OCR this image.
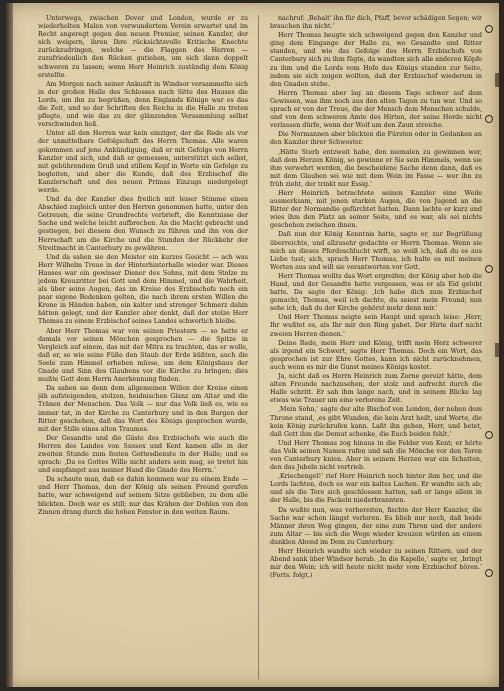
Unterwegs, zwischen Dover und London, wurde er zu wiederholten Malen von verwundertem Verein erwartet und im Recht angeregt gegen den neuen Premier, seinen Kanzler, der sich weigern, ihren Ihre rücksichtsvolle Kritische Knechte zurückzudringen, welche — die Flaggen des Herren — zuzufriedenlich den Rücken gutiehen, um sich dann doppelt schweren zu lassen; wenn Herr Heinrich zuständig dem König erstellte.

Am Morgen nach seiner Ankunft in Windsor versammelte sich in der großen Halle des Schlosses nach Sitte des Hauses die Lords, um ihn zu begrüßen, denn Englands Könige war es das die Zeit, und so der Schriften des Reichs in die Halle zu treten pflegte, und wie das zu der glänzenden Versammlung selbst verschwinden ließ.

Unter all den Herren war kein einziger, der die Rede als vor der unmittelbare Gefolgschaft des Herrn Thomas. Alle waren gekommen auf jene Ankündigung, daß er mit Gefolge von Herrn Kanzler und sich, und daß er gemessen, unterstützt sich selbst, mit gebührendem Gruß und stillem Kopf in Worte ein Gefolge zu begleiten, und aber die Kunde, daß des Erzbischof die Kanzlerschaft und des neuen Primas Einzugs niedergelegt werde.

Und da der Kanzler dies freilich mit leiser Stimme einen Abschied zugleich unter den Herren genommen hatte, unter den Getreuen, die seine Grundrechte verbrieft, die Kenntnisse der Sache und welche leicht aufbrechen. An die Macht gebracht und gestiegen, bei diesem den Wunsch zu führen und ihn von der Herrschaft um die Kirche und die Stunden der Rückkehr der Streitmacht in Canterbury zu gewähren.

Und da sahen sie den Meister ein kurzes Gesicht — ach was Herr Wilhelm Treue in der Hinterhinterhalle wieder war. Dieses Hauses war ein gewisser Diener des Sohns, mit dem Stolze zu jedem Kreuzritter bei Gott und dem Himmel, und die Wahrheit, als über seine Augen, das im Kreise des Erzbischofs noch ein paar eigene Bedenken gelten, die nach ihrem ersten Willen die Krone in Händen haben, ein kalter und strenger Schmerz dahin hätten gelegt, und der Kanzler aber denkt, daß der stolze Herr Thomas zu einem Erzbischof seines Landes schwerlich bleibe.

Aber Herr Thomas war von seinen Priestern — so hatte er damals vor seinen Mönchen gesprochen — die Spitze in Vergleich auf einem, das mit der Mitra zu trachten, das er wolle, daß er, so wie seine Füße den Staub der Erde küßten, auch die Seele zum Himmel erheben müsse, um dem Königshaus der Gnade und Sinn des Glaubens vor die Kirche zu bringen; dies mußte Gott dem Herrn Anerkennung finden.

Da sahen sie denn dem allgemeinen Willen der Kreise einen jäh aufsteigenden, stolzen, heidnischen Glanz am Altar und die Tränen der Menschen. Das Volk — nur das Volk ließ es, wie es immer tat, in der Kirche zu Canterbury und in den Burgen der Ritter geschehen, daß das Wort des Königs gesprochen wurde, mit der Stille eines alten Traumes.

Der Gesandte und die Gäste des Erzbischofs wie auch die Herren des Landes von Sussex und Kent kamen alle in der zweiten Stunde zum festen Gottesdienste in der Halle; und es sprach: ‚Da es Gottes Wille nicht anders sein mag, so tretet hin und empfanget aus meiner Hand die Gnade des Herrn.‘

Da schaute man, daß es dahin kommen war zu einem Ende — und Herr Thomas, den der König als seinen Freund gerufen hatte, war schweigend auf seinem Sitze geblieben, zu dem alle blickten. Doch war es still; nur das Krähen der Dohlen von den Zinnen drang durch die hohen Fenster in den weiten Raum.

nachruf: ‚Behalt' ihn für dich, Pfaff, bevor schädigen Segen; wir brauchen ihn nicht.‘

Herr Thomas beugte sich schweigend gegen den Kanzler und ging dem Eingange der Halle zu, wo Gesandte und Ritter standen, und wie das Gefolge des Herrn Erzbischofs von Canterbury sich zu ihm fügte, da wandten sich alle anderen Köpfe zu ihm und die Lords vom Hofe des Königs standen zur Seite, indem sie sich zeigen wollten, daß der Erzbischof wiederum in den Gnaden stehe.

Herrn Thomas aber lag an diesem Tage schwer auf dem Gewissen, was ihm noch aus den alten Tagen zu tun war. Und so sprach er von der Treue, die der Mensch dem Menschen schulde, und von dem schweren Amte des Hirten, der seine Herde nicht verlassen dürfe, wenn der Wolf um den Zaun streiche.

Die Normannen aber blickten die Fürsten oder in Gedanken an den Kanzler ihrer Schwester.

‚Hätte Sterb entzweit habe, den niemalen zu gewinnen wer, daß dem Herzen König, so gewinne er Sie sein Himmels, wenn sie ihm verwehrt werden, die bescheidene Sache denn dann, daß es mit dem Glauben sei wie mit dem Wein im Fasse — wer ihn zu früh zieht, der trinkt nur Essig.‘

Herr Heinrich betrachtete seinen Kanzler eine Weile ausmerksam, mit jenen starken Augen, die von Jugend an die Ritter der Normandie gefürchtet hatten. Dann lachte er kurz und wies ihm den Platz an seiner Seite, und es war, als sei nichts geschehen zwischen ihnen.

Daß nun der König Kenntnis hatte, sagte er, zur Begrüßung überreichte, und allzusehr gedachte er Herrn Thomas. Wenn sie mich an dieses Pferdeschlucht wirft, so weiß ich, daß du es aus Liebe tust; sich, sprach Herr Thomas, ich halte es mit meinen Worten aus und will sie verantworten vor Gott.

Herr Thomas wollte das Wort ergreifen; der König aber hob die Hand, und der Gesandte hatte vergessen, was er als Eid gelobt hatte. Da sagte der König: ‚Ich habe dich zum Erzbischof gemacht, Thomas, weil ich dachte, du seiest mein Freund; nun sehe ich, daß du der Kirche gehörst mehr denn mir.‘

Und Herr Thomas neigte sein Haupt und sprach leise: ‚Herr, Ihr wußtet es, als Ihr mir den Ring gabet. Der Hirte darf nicht zweien Herren dienen.‘

Deine Rede, mein Herr und König, trifft mein Herz schwerer als irgend ein Schwert, sagte Herr Thomas. Doch ein Wort, das gesprochen ist zur Ehre Gottes, kann ich nicht zurücknehmen, auch wenn es mir die Gunst meines Königs kostet.

Ja, nicht daß es Herrn Heinrich zum Zorne gereizt hätte, dem alten Freunde nachzusehen, der stolz und aufrecht durch die Halle schritt. Er sah ihm lange nach, und in seinem Blicke lag etwas wie Trauer um eine verlorene Zeit.

‚Mein Sohn,‘ sagte der alte Bischof von London, der neben dem Throne stand, ‚es gibt Wunden, die kein Arzt heilt, und Worte, die kein König zurückrufen kann. Laßt ihn gehen, Herr, und betet, daß Gott ihm die Demut schenke, die Euch beiden fehlt.‘

Und Herr Thomas zog hinaus in die Felder von Kent; er hörte das Volk seinen Namen rufen und sah die Mönche vor den Toren von Canterbury knien. Aber in seinem Herzen war ein Schatten, den das Jubeln nicht vertrieb.

‚Kriechengel!‘ rief Herr Heinrich noch hinter ihm her, und die Lords lachten, doch es war ein kaltes Lachen. Er wandte sich ab; und als die Tore sich geschlossen hatten, saß er lange allein in der Halle, bis die Fackeln niederbrannten.

Da wußte nun, was vorbereiten, fischte der Herr Kanzler, die Sache war schon längst verloren. Es blieb nur noch, daß beide Männer ihren Weg gingen, der eine zum Thron und der andere zum Altar — bis sich die Wege wieder kreuzen würden an einem dunklen Abend im Dom zu Canterbury.

Herr Heinrich wandte sich wieder zu seinen Rittern, und der Abend sank über Windsor herab. ‚In die Kapelle,‘ sagte er, ‚bringt mir den Wein; ich will heute nicht mehr vom Erzbischof hören.‘ (Forts. folgt.)
